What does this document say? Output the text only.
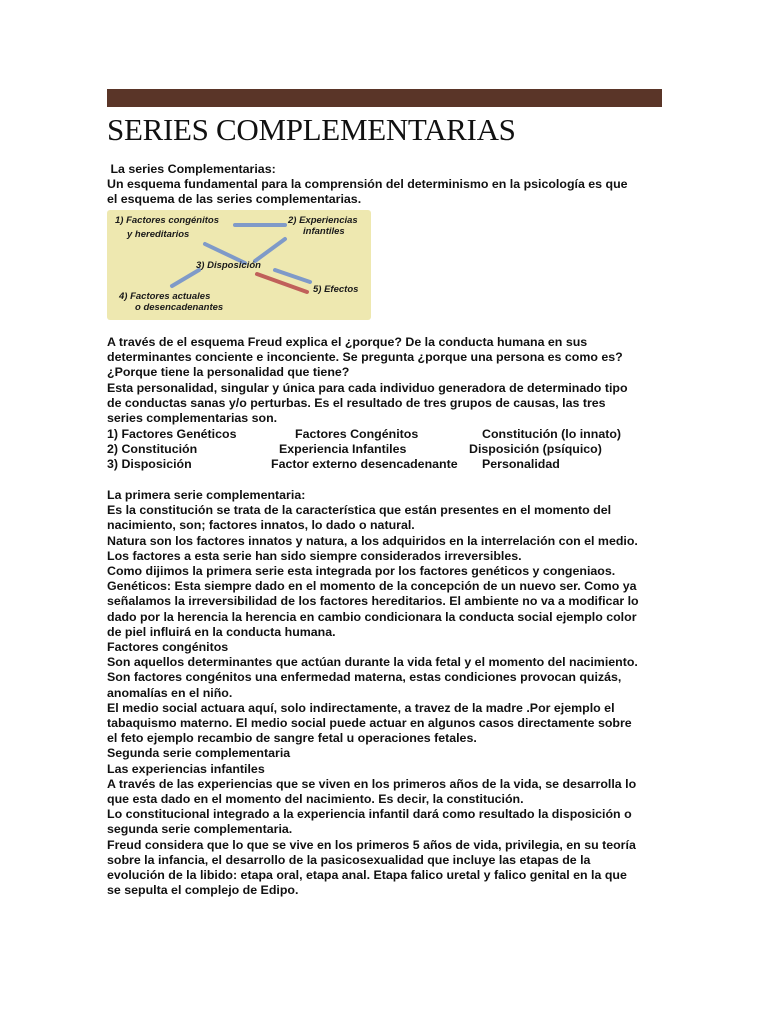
SERIES COMPLEMENTARIAS

La series Complementarias:

Un esquema fundamental para la comprensión del determinismo en la psicología es que

el esquema de las series complementarias.

1) Factores congénitos
y hereditarios
2) Experiencias
infantiles
3) Disposición
4) Factores actuales
o desencadenantes
5) Efectos

A través de el esquema Freud explica el ¿porque? De la conducta humana en sus

determinantes conciente e inconciente. Se pregunta ¿porque una persona es como es?

¿Porque tiene la personalidad que tiene?

Esta personalidad, singular y única para cada individuo generadora de determinado tipo

de conductas sanas y/o perturbas. Es el resultado de tres grupos de causas, las tres

series complementarias son.

1) Factores Genéticos	Factores Congénitos	Constitución (lo innato)
2) Constitución	Experiencia Infantiles	Disposición (psíquico)
3) Disposición	Factor externo desencadenante Personalidad

La primera serie complementaria:

Es la constitución se trata de la característica que están presentes en el momento del

nacimiento, son; factores innatos, lo dado o natural.

Natura son los factores innatos y natura, a los adquiridos en la interrelación con el medio.

Los factores a esta serie han sido siempre considerados irreversibles.

Como dijimos la primera serie esta integrada por los factores genéticos y congeniaos.

Genéticos: Esta siempre dado en el momento de la concepción de un nuevo ser. Como ya

señalamos la irreversibilidad de los factores hereditarios. El ambiente no va a modificar lo

dado por la herencia la herencia en cambio condicionara la conducta social ejemplo color

de piel influirá en la conducta humana.

Factores congénitos

Son aquellos determinantes que actúan durante la vida fetal y el momento del nacimiento.

Son factores congénitos una enfermedad materna, estas condiciones provocan quizás,

anomalías en el niño.

El medio social actuara aquí, solo indirectamente, a travez de la madre .Por ejemplo el

tabaquismo materno. El medio social puede actuar en algunos casos directamente sobre

el feto ejemplo recambio de sangre fetal u operaciones fetales.

Segunda serie complementaria

Las experiencias infantiles

A través de las experiencias que se viven en los primeros años de la vida, se desarrolla lo

que esta dado en el momento del nacimiento. Es decir, la constitución.

Lo constitucional integrado a la experiencia infantil dará como resultado la disposición o

segunda serie complementaria.

Freud considera que lo que se vive en los primeros 5 años de vida, privilegia, en su teoría

sobre la infancia, el desarrollo de la pasicosexualidad que incluye las etapas de la

evolución de la libido: etapa oral, etapa anal. Etapa falico uretal y falico genital en la que

se sepulta el complejo de Edipo.
